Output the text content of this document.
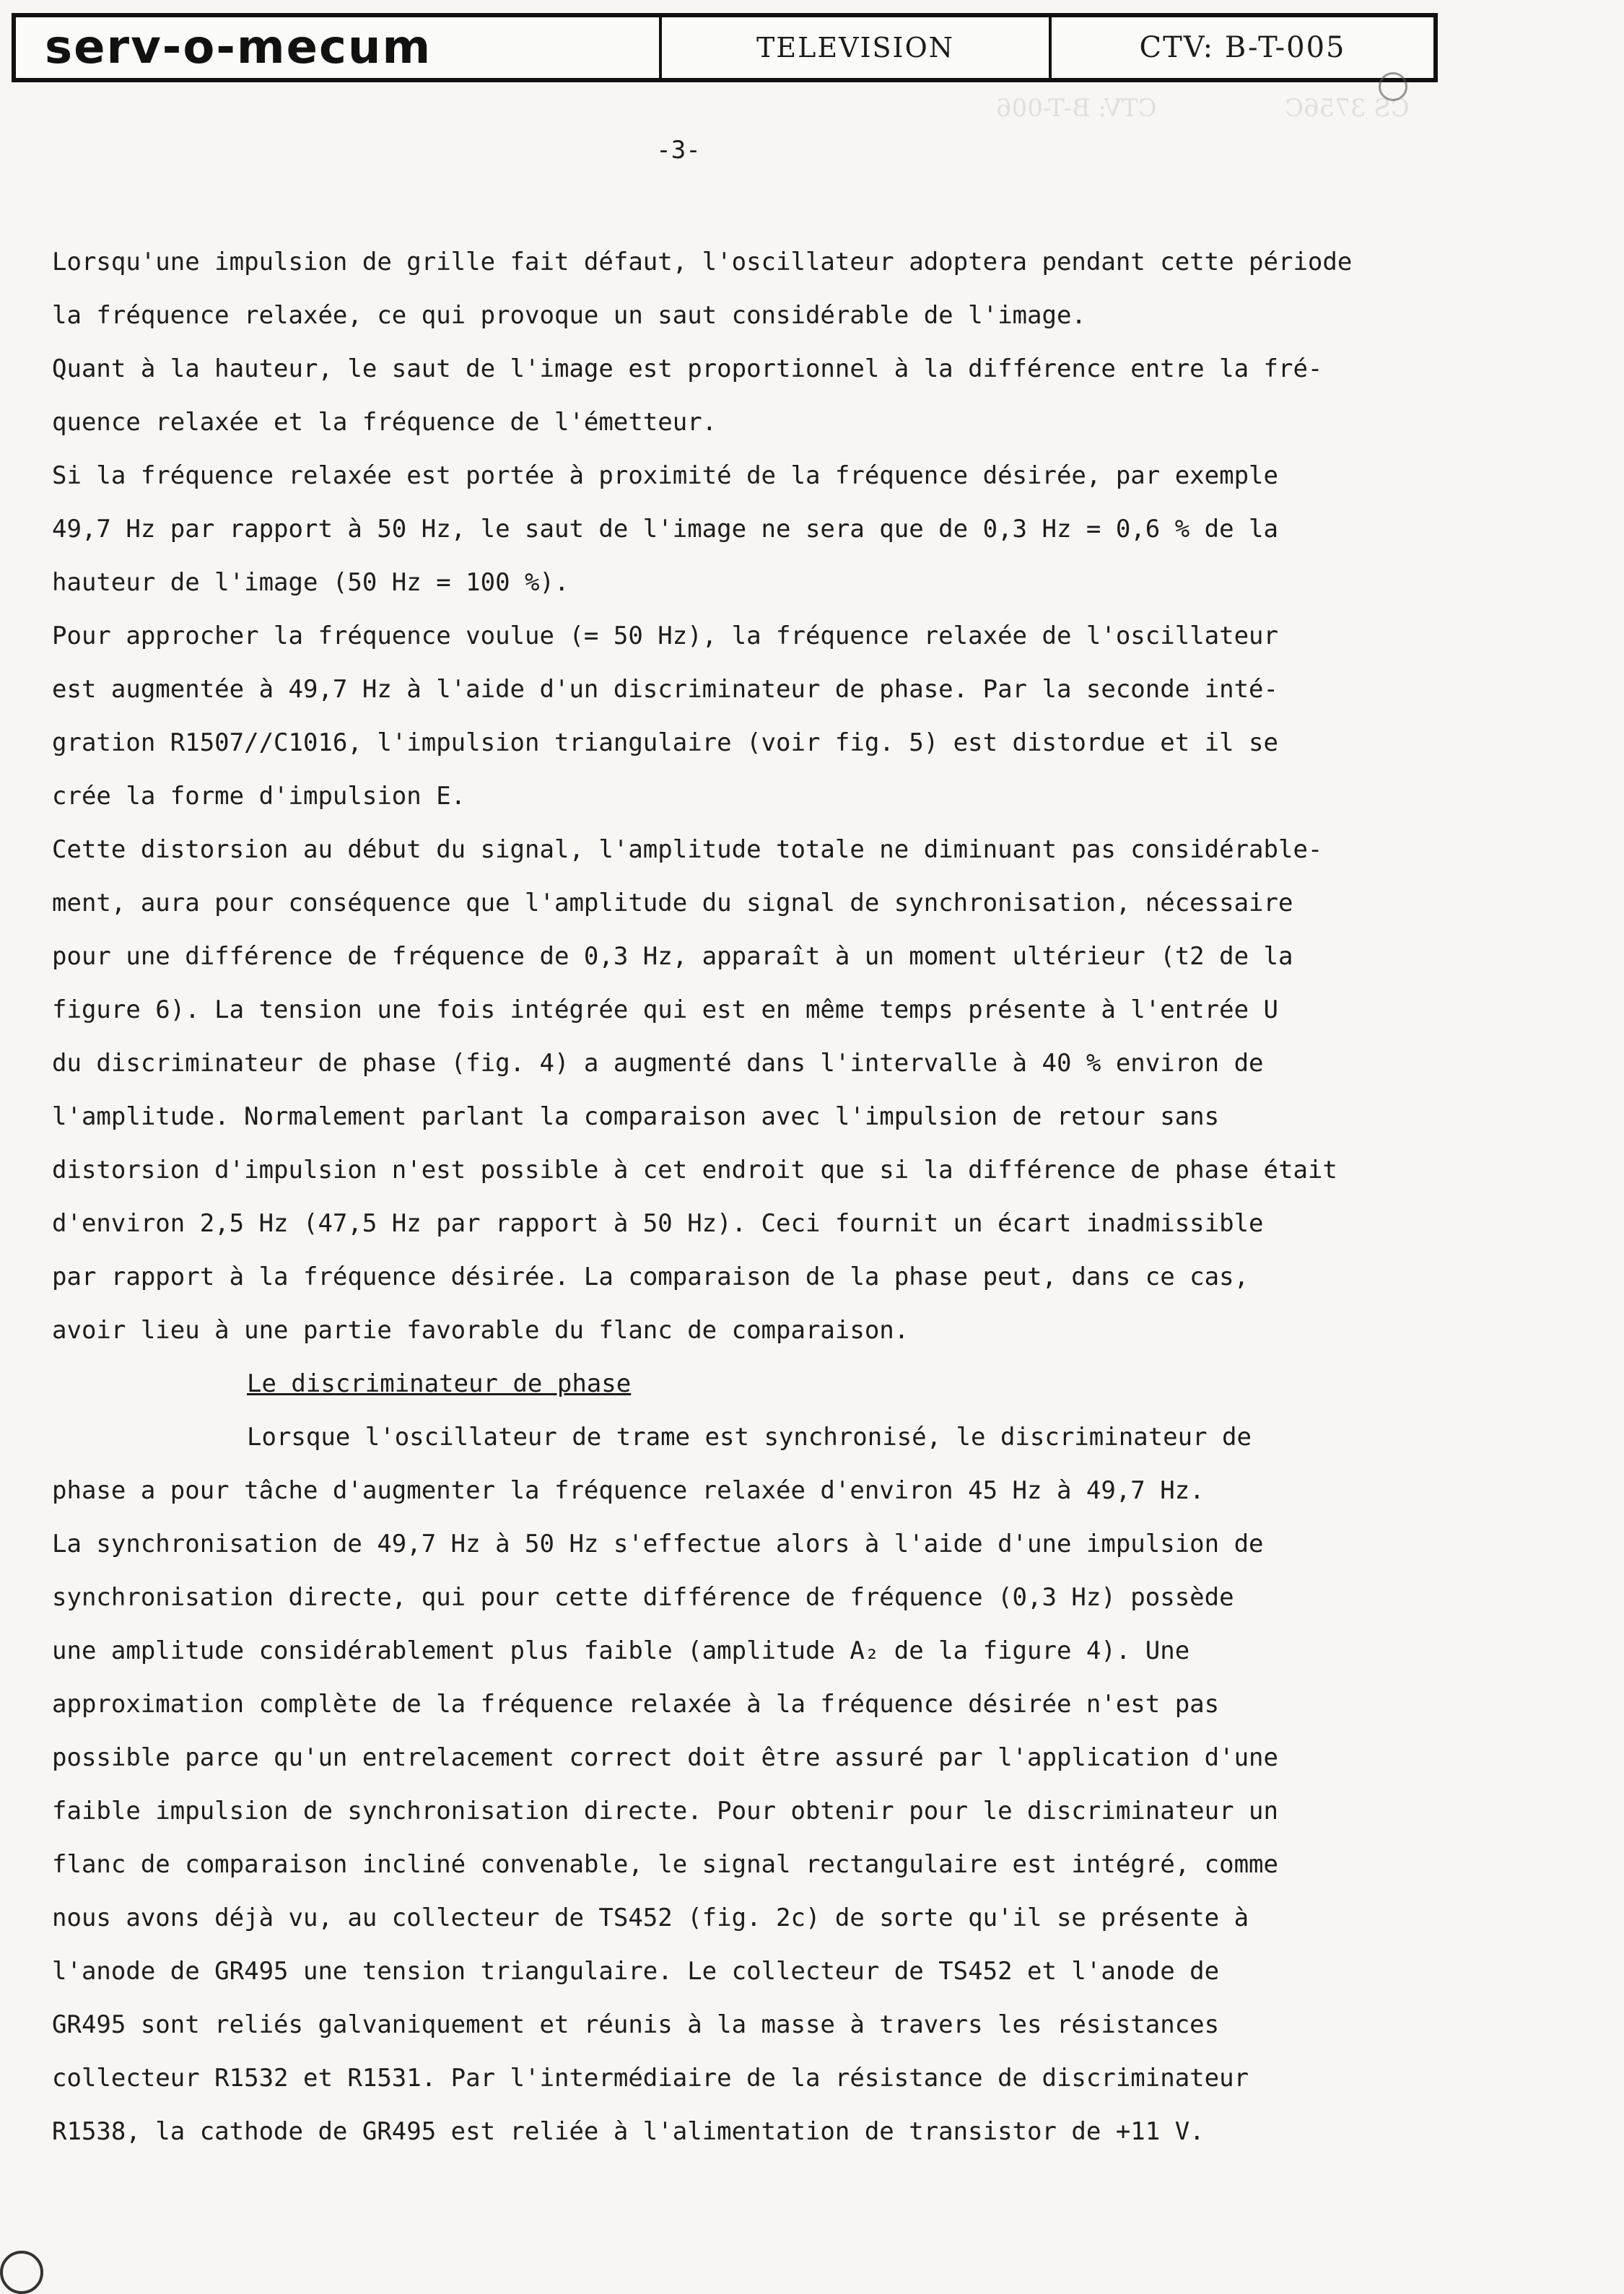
CS 3756C
CTV: B-T-006
serv-o-mecum	TELEVISION	CTV: B-T-005
-3-
Lorsqu'une impulsion de grille fait défaut, l'oscillateur adoptera pendant cette période
la fréquence relaxée, ce qui provoque un saut considérable de l'image.
Quant à la hauteur, le saut de l'image est proportionnel à la différence entre la fré-
quence relaxée et la fréquence de l'émetteur.
Si la fréquence relaxée est portée à proximité de la fréquence désirée, par exemple
49,7 Hz par rapport à 50 Hz, le saut de l'image ne sera que de 0,3 Hz = 0,6 % de la
hauteur de l'image (50 Hz = 100 %).
Pour approcher la fréquence voulue (= 50 Hz), la fréquence relaxée de l'oscillateur
est augmentée à 49,7 Hz à l'aide d'un discriminateur de phase. Par la seconde inté-
gration R1507//C1016, l'impulsion triangulaire (voir fig. 5) est distordue et il se
crée la forme d'impulsion E.
Cette distorsion au début du signal, l'amplitude totale ne diminuant pas considérable-
ment, aura pour conséquence que l'amplitude du signal de synchronisation, nécessaire
pour une différence de fréquence de 0,3 Hz, apparaît à un moment ultérieur (t2 de la
figure 6). La tension une fois intégrée qui est en même temps présente à l'entrée U
du discriminateur de phase (fig. 4) a augmenté dans l'intervalle à 40 % environ de
l'amplitude. Normalement parlant la comparaison avec l'impulsion de retour sans
distorsion d'impulsion n'est possible à cet endroit que si la différence de phase était
d'environ 2,5 Hz (47,5 Hz par rapport à 50 Hz). Ceci fournit un écart inadmissible
par rapport à la fréquence désirée. La comparaison de la phase peut, dans ce cas,
avoir lieu à une partie favorable du flanc de comparaison.
Le discriminateur de phase
Lorsque l'oscillateur de trame est synchronisé, le discriminateur de
phase a pour tâche d'augmenter la fréquence relaxée d'environ 45 Hz à 49,7 Hz.
La synchronisation de 49,7 Hz à 50 Hz s'effectue alors à l'aide d'une impulsion de
synchronisation directe, qui pour cette différence de fréquence (0,3 Hz) possède
une amplitude considérablement plus faible (amplitude A₂ de la figure 4). Une
approximation complète de la fréquence relaxée à la fréquence désirée n'est pas
possible parce qu'un entrelacement correct doit être assuré par l'application d'une
faible impulsion de synchronisation directe. Pour obtenir pour le discriminateur un
flanc de comparaison incliné convenable, le signal rectangulaire est intégré, comme
nous avons déjà vu, au collecteur de TS452 (fig. 2c) de sorte qu'il se présente à
l'anode de GR495 une tension triangulaire. Le collecteur de TS452 et l'anode de
GR495 sont reliés galvaniquement et réunis à la masse à travers les résistances
collecteur R1532 et R1531. Par l'intermédiaire de la résistance de discriminateur
R1538, la cathode de GR495 est reliée à l'alimentation de transistor de +11 V.
